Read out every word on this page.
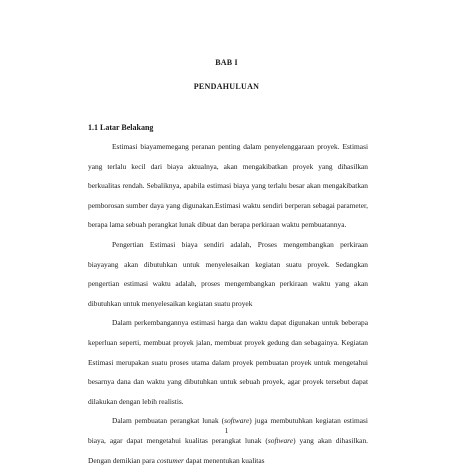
BAB I
PENDAHULUAN
1.1 Latar Belakang

Estimasi biayamemegang peranan penting dalam penyelenggaraan proyek. Estimasi yang terlalu kecil dari biaya aktualnya, akan mengakibatkan proyek yang dihasilkan berkualitas rendah. Sebaliknya, apabila estimasi biaya yang terlalu besar akan mengakibatkan pemborosan sumber daya yang digunakan.Estimasi waktu sendiri berperan sebagai parameter, berapa lama sebuah perangkat lunak dibuat dan berapa perkiraan waktu pembuatannya.

Pengertian Estimasi biaya sendiri adalah, Proses mengembangkan perkiraan biayayang akan dibutuhkan untuk menyelesaikan kegiatan suatu proyek. Sedangkan pengertian estimasi waktu adalah, proses mengembangkan perkiraan waktu yang akan dibutuhkan untuk menyelesaikan kegiatan suatu proyek

Dalam perkembangannya estimasi harga dan waktu dapat digunakan untuk beberapa keperluan seperti, membuat proyek jalan, membuat proyek gedung dan sebagainya. Kegiatan Estimasi merupakan suatu proses utama dalam proyek pembuatan proyek untuk mengetahui besarnya dana dan waktu yang dibutuhkan untuk sebuah proyek, agar proyek tersebut dapat dilakukan dengan lebih realistis.

Dalam pembuatan perangkat lunak (software) juga membutuhkan kegiatan estimasi biaya, agar dapat mengetahui kualitas perangkat lunak (software) yang akan dihasilkan. Dengan demikian para costumer dapat menentukan kualitas

1
